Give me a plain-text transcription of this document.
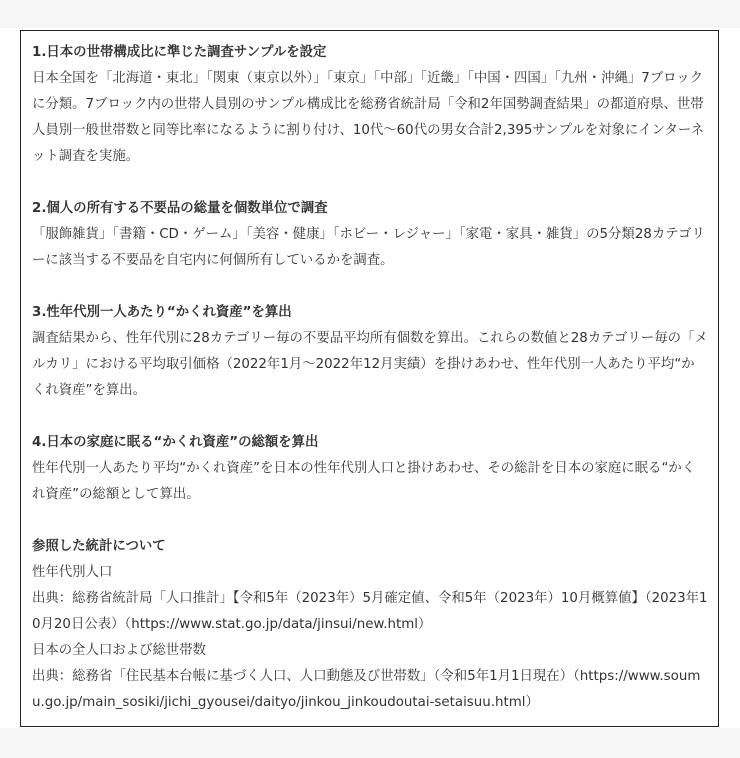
1.日本の世帯構成比に準じた調査サンプルを設定
日本全国を「北海道・東北」「関東（東京以外）」「東京」「中部」「近畿」「中国・四国」「九州・沖縄」7ブロックに分類。7ブロック内の世帯人員別のサンプル構成比を総務省統計局「令和2年国勢調査結果」の都道府県、世帯人員別一般世帯数と同等比率になるように割り付け、10代〜60代の男女合計2,395サンプルを対象にインターネット調査を実施。
2.個人の所有する不要品の総量を個数単位で調査
「服飾雑貨」「書籍・CD・ゲーム」「美容・健康」「ホビー・レジャー」「家電・家具・雑貨」の5分類28カテゴリーに該当する不要品を自宅内に何個所有しているかを調査。
3.性年代別一人あたり“かくれ資産”を算出
調査結果から、性年代別に28カテゴリー毎の不要品平均所有個数を算出。これらの数値と28カテゴリー毎の「メルカリ」における平均取引価格（2022年1月〜2022年12月実績）を掛けあわせ、性年代別一人あたり平均“かくれ資産”を算出。
4.日本の家庭に眠る“かくれ資産”の総額を算出
性年代別一人あたり平均“かくれ資産”を日本の性年代別人口と掛けあわせ、その総計を日本の家庭に眠る“かくれ資産”の総額として算出。
参照した統計について
性年代別人口
出典：総務省統計局「人口推計」【令和5年（2023年）5月確定値、令和5年（2023年）10月概算値】（2023年10月20日公表）（https://www.stat.go.jp/data/jinsui/new.html）
日本の全人口および総世帯数
出典：総務省「住民基本台帳に基づく人口、人口動態及び世帯数」（令和5年1月1日現在）（https://www.soumu.go.jp/main_sosiki/jichi_gyousei/daityo/jinkou_jinkoudoutai-setaisuu.html）
